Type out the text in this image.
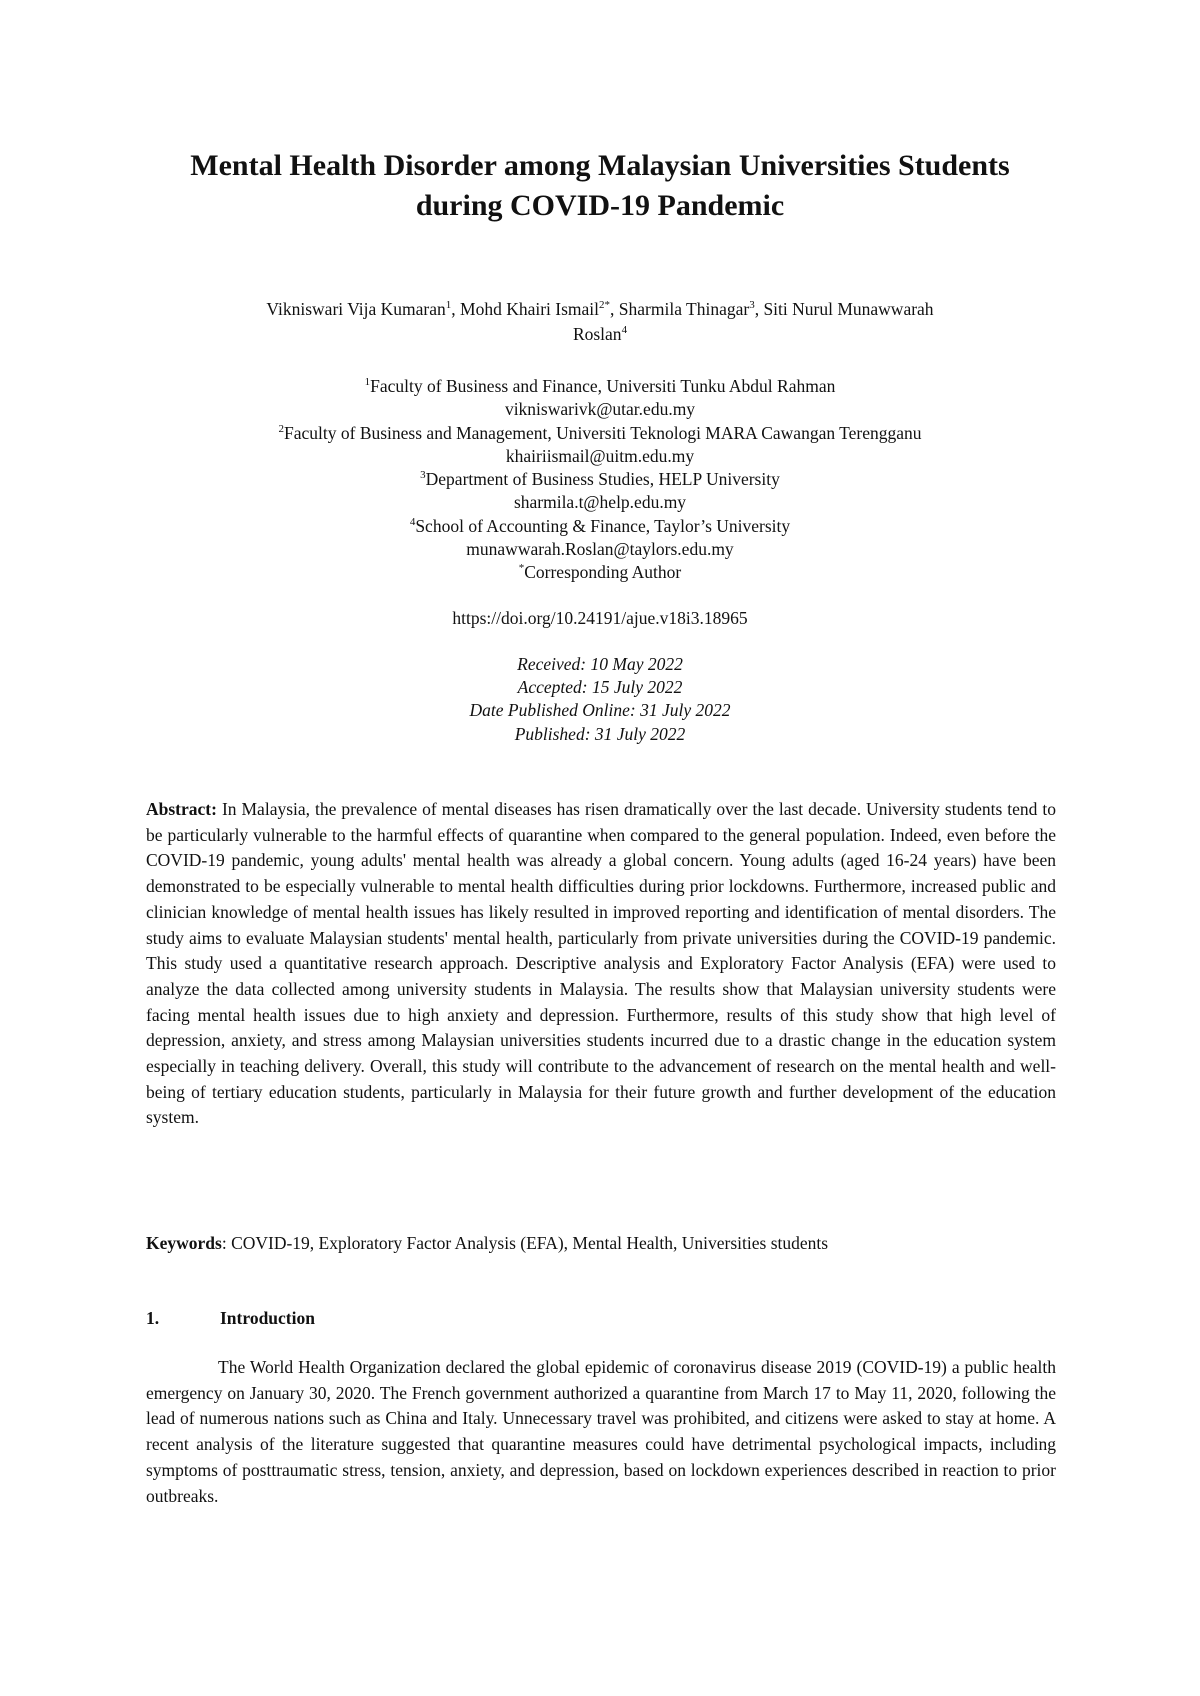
Mental Health Disorder among Malaysian Universities Students
during COVID-19 Pandemic
Vikniswari Vija Kumaran$^1$, Mohd Khairi Ismail$^{2*}$, Sharmila Thinagar$^3$, Siti Nurul Munawwarah
Roslan$^4$
$^1$Faculty of Business and Finance, Universiti Tunku Abdul Rahman
vikniswarivk@utar.edu.my
$^2$Faculty of Business and Management, Universiti Teknologi MARA Cawangan Terengganu
khairiismail@uitm.edu.my
$^3$Department of Business Studies, HELP University
sharmila.t@help.edu.my
$^4$School of Accounting & Finance, Taylor’s University
munawwarah.Roslan@taylors.edu.my
*Corresponding Author
https://doi.org/10.24191/ajue.v18i3.18965
Received: 10 May 2022
Accepted: 15 July 2022
Date Published Online: 31 July 2022
Published: 31 July 2022
Abstract: In Malaysia, the prevalence of mental diseases has risen dramatically over the last decade. University students tend to be particularly vulnerable to the harmful effects of quarantine when compared to the general population. Indeed, even before the COVID-19 pandemic, young adults' mental health was already a global concern. Young adults (aged 16-24 years) have been demonstrated to be especially vulnerable to mental health difficulties during prior lockdowns. Furthermore, increased public and clinician knowledge of mental health issues has likely resulted in improved reporting and identification of mental disorders. The study aims to evaluate Malaysian students' mental health, particularly from private universities during the COVID-19 pandemic. This study used a quantitative research approach. Descriptive analysis and Exploratory Factor Analysis (EFA) were used to analyze the data collected among university students in Malaysia. The results show that Malaysian university students were facing mental health issues due to high anxiety and depression. Furthermore, results of this study show that high level of depression, anxiety, and stress among Malaysian universities students incurred due to a drastic change in the education system especially in teaching delivery. Overall, this study will contribute to the advancement of research on the mental health and well-being of tertiary education students, particularly in Malaysia for their future growth and further development of the education system.
Keywords: COVID-19, Exploratory Factor Analysis (EFA), Mental Health, Universities students
1.	Introduction
The World Health Organization declared the global epidemic of coronavirus disease 2019 (COVID-19) a public health emergency on January 30, 2020. The French government authorized a quarantine from March 17 to May 11, 2020, following the lead of numerous nations such as China and Italy. Unnecessary travel was prohibited, and citizens were asked to stay at home. A recent analysis of the literature suggested that quarantine measures could have detrimental psychological impacts, including symptoms of posttraumatic stress, tension, anxiety, and depression, based on lockdown experiences described in reaction to prior outbreaks.
